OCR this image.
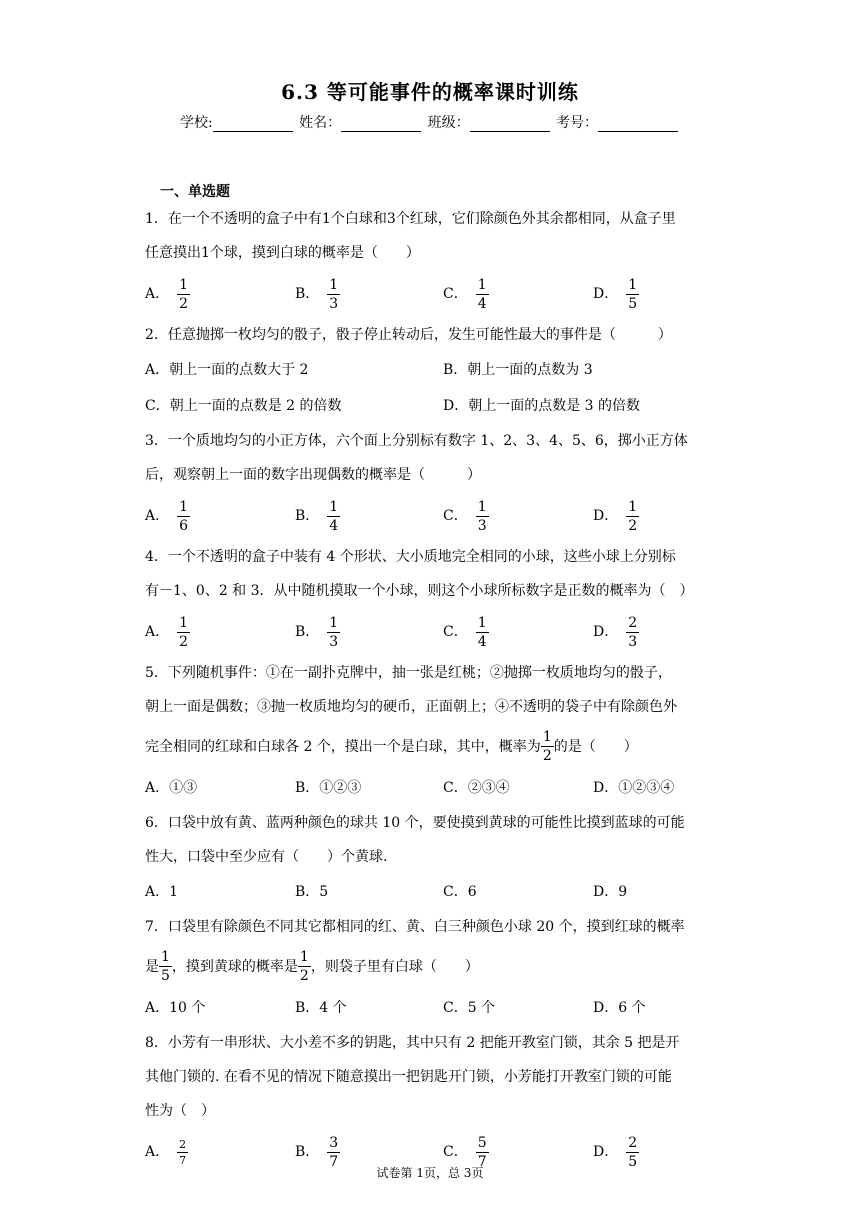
6.3 等可能事件的概率课时训练
学校:	姓名：	班级：	考号：
一、单选题
1．在一个不透明的盒子中有1个白球和3个红球，它们除颜色外其余都相同，从盒子里
任意摸出1个球，摸到白球的概率是（　　）
A． $\frac{1}{2}$	B． $\frac{1}{3}$	C． $\frac{1}{4}$	D． $\frac{1}{5}$
2．任意抛掷一枚均匀的骰子，骰子停止转动后，发生可能性最大的事件是（　　　）
A．朝上一面的点数大于 2	B．朝上一面的点数为 3
C．朝上一面的点数是 2 的倍数	D．朝上一面的点数是 3 的倍数
3．一个质地均匀的小正方体，六个面上分别标有数字 1、2、3、4、5、6，掷小正方体
后，观察朝上一面的数字出现偶数的概率是（　　　）
A． $\frac{1}{6}$	B． $\frac{1}{4}$	C． $\frac{1}{3}$	D． $\frac{1}{2}$
4．一个不透明的盒子中装有 4 个形状、大小质地完全相同的小球，这些小球上分别标
有－1、0、2 和 3．从中随机摸取一个小球，则这个小球所标数字是正数的概率为（　）
A． $\frac{1}{2}$	B． $\frac{1}{3}$	C． $\frac{1}{4}$	D． $\frac{2}{3}$
5．下列随机事件：①在一副扑克牌中，抽一张是红桃；②抛掷一枚质地均匀的骰子，
朝上一面是偶数；③抛一枚质地均匀的硬币，正面朝上；④不透明的袋子中有除颜色外
完全相同的红球和白球各 2 个，摸出一个是白球，其中，概率为 $\frac{1}{2}$ 的是（　　）
A．①③	B．①②③	C．②③④	D．①②③④
6．口袋中放有黄、蓝两种颜色的球共 10 个，要使摸到黄球的可能性比摸到蓝球的可能
性大，口袋中至少应有（　　）个黄球.
A．1	B．5	C．6	D．9
7．口袋里有除颜色不同其它都相同的红、黄、白三种颜色小球 20 个，摸到红球的概率
是 $\frac{1}{5}$ ，摸到黄球的概率是 $\frac{1}{2}$ ，则袋子里有白球（　　）
A．10 个	B．4 个	C．5 个	D．6 个
8．小芳有一串形状、大小差不多的钥匙，其中只有 2 把能开教室门锁，其余 5 把是开
其他门锁的. 在看不见的情况下随意摸出一把钥匙开门锁，小芳能打开教室门锁的可能
性为（　）
A． $\frac{2}{7}$	B． $\frac{3}{7}$	C． $\frac{5}{7}$	D． $\frac{2}{5}$
试卷第 1页，总 3页
